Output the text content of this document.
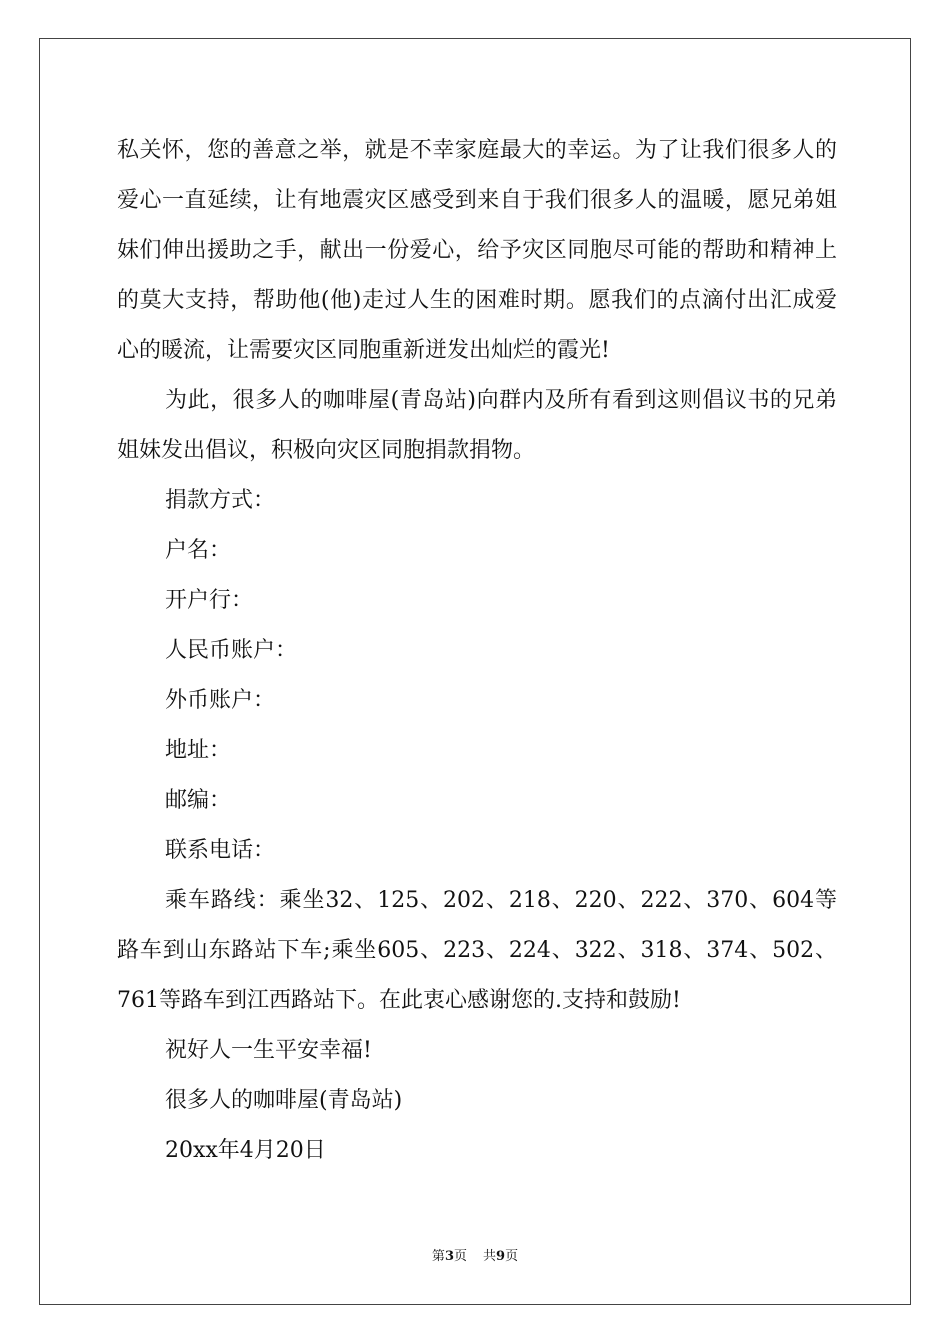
私关怀，您的善意之举，就是不幸家庭最大的幸运。为了让我们很多人的爱心一直延续，让有地震灾区感受到来自于我们很多人的温暖，愿兄弟姐妹们伸出援助之手，献出一份爱心，给予灾区同胞尽可能的帮助和精神上的莫大支持，帮助他(他)走过人生的困难时期。愿我们的点滴付出汇成爱心的暖流，让需要灾区同胞重新迸发出灿烂的霞光!

为此，很多人的咖啡屋(青岛站)向群内及所有看到这则倡议书的兄弟姐妹发出倡议，积极向灾区同胞捐款捐物。

捐款方式：

户名：

开户行：

人民币账户：

外币账户：

地址：

邮编：

联系电话：

乘车路线：乘坐32、125、202、218、220、222、370、604等路车到山东路站下车;乘坐605、223、224、322、318、374、502、761等路车到江西路站下。在此衷心感谢您的.支持和鼓励!

祝好人一生平安幸福!

很多人的咖啡屋(青岛站)

20xx年4月20日

第3页 共9页
